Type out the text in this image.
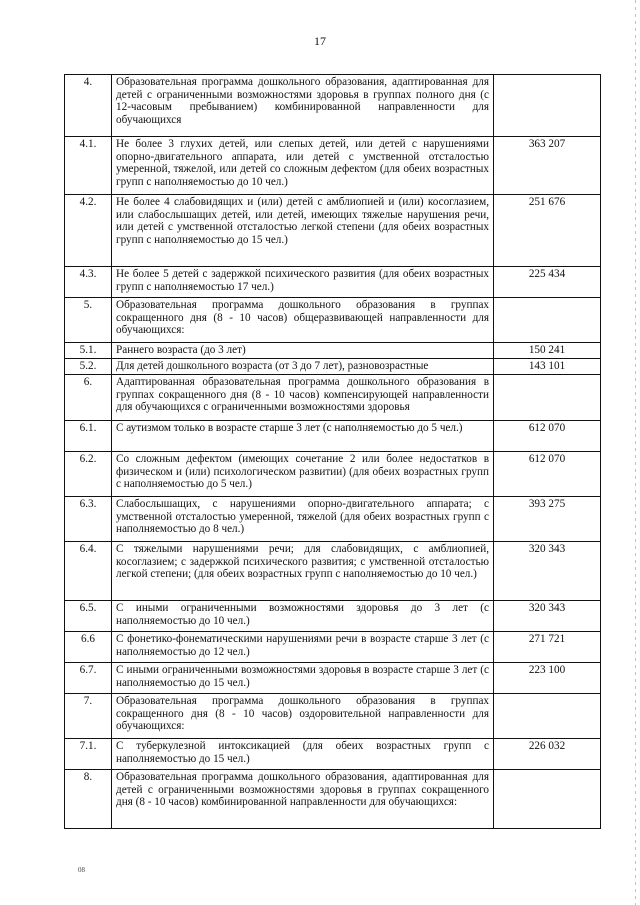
17
4.	Образовательная программа дошкольного образования, адаптированная для детей с ограниченными возможностями здоровья в группах полного дня (с 12-часовым пребыванием) комбинированной направленности для обучающихся	
4.1.	Не более 3 глухих детей, или слепых детей, или детей с нарушениями опорно-двигательного аппарата, или детей с умственной отсталостью умеренной, тяжелой, или детей со сложным дефектом (для обеих возрастных групп с наполняемостью до 10 чел.)	363 207
4.2.	Не более 4 слабовидящих и (или) детей с амблиопией и (или) косоглазием, или слабослышащих детей, или детей, имеющих тяжелые нарушения речи, или детей с умственной отсталостью легкой степени (для обеих возрастных групп с наполняемостью до 15 чел.)	251 676
4.3.	Не более 5 детей с задержкой психического развития (для обеих возрастных групп с наполняемостью 17 чел.)	225 434
5.	Образовательная программа дошкольного образования в группах сокращенного дня (8 - 10 часов) общеразвивающей направленности для обучающихся:	
5.1.	Раннего возраста (до 3 лет)	150 241
5.2.	Для детей дошкольного возраста (от 3 до 7 лет), разновозрастные	143 101
6.	Адаптированная образовательная программа дошкольного образования в группах сокращенного дня (8 - 10 часов) компенсирующей направленности для обучающихся с ограниченными возможностями здоровья	
6.1.	С аутизмом только в возрасте старше 3 лет (с наполняемостью до 5 чел.)	612 070
6.2.	Со сложным дефектом (имеющих сочетание 2 или более недостатков в физическом и (или) психологическом развитии) (для обеих возрастных групп с наполняемостью до 5 чел.)	612 070
6.3.	Слабослышащих, с нарушениями опорно-двигательного аппарата; с умственной отсталостью умеренной, тяжелой (для обеих возрастных групп с наполняемостью до 8 чел.)	393 275
6.4.	С тяжелыми нарушениями речи; для слабовидящих, с амблиопией, косоглазием; с задержкой психического развития; с умственной отсталостью легкой степени; (для обеих возрастных групп с наполняемостью до 10 чел.)	320 343
6.5.	С иными ограниченными возможностями здоровья до 3 лет (с наполняемостью до 10 чел.)	320 343
6.6	С фонетико-фонематическими нарушениями речи в возрасте старше 3 лет (с наполняемостью до 12 чел.)	271 721
6.7.	С иными ограниченными возможностями здоровья в возрасте старше 3 лет (с наполняемостью до 15 чел.)	223 100
7.	Образовательная программа дошкольного образования в группах сокращенного дня (8 - 10 часов) оздоровительной направленности для обучающихся:	
7.1.	С туберкулезной интоксикацией (для обеих возрастных групп с наполняемостью до 15 чел.)	226 032
8.	Образовательная программа дошкольного образования, адаптированная для детей с ограниченными возможностями здоровья в группах сокращенного дня (8 - 10 часов) комбинированной направленности для обучающихся:	
08
